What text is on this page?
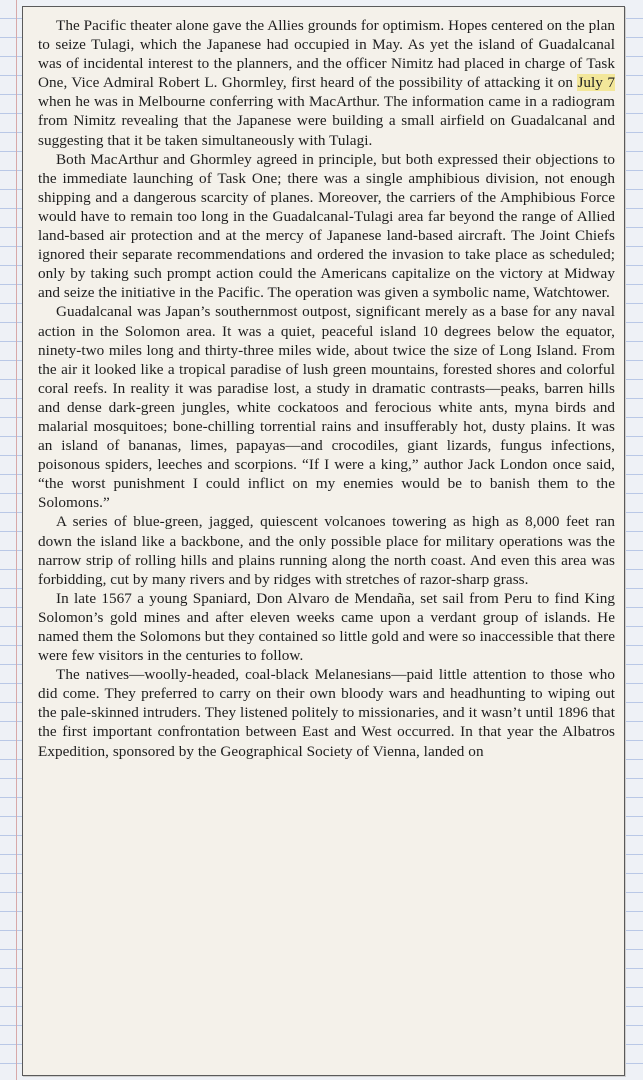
The Pacific theater alone gave the Allies grounds for optimism. Hopes centered on the plan to seize Tulagi, which the Japanese had occupied in May. As yet the island of Guadalcanal was of incidental interest to the planners, and the officer Nimitz had placed in charge of Task One, Vice Admiral Robert L. Ghormley, first heard of the possibility of attacking it on July 7 when he was in Melbourne conferring with MacArthur. The information came in a radiogram from Nimitz revealing that the Japanese were building a small airfield on Guadalcanal and suggesting that it be taken simultaneously with Tulagi.

Both MacArthur and Ghormley agreed in principle, but both expressed their objections to the immediate launching of Task One; there was a single amphibious division, not enough shipping and a dangerous scarcity of planes. Moreover, the carriers of the Amphibious Force would have to remain too long in the Guadalcanal-Tulagi area far beyond the range of Allied land-based air protection and at the mercy of Japanese land-based aircraft. The Joint Chiefs ignored their separate recommendations and ordered the invasion to take place as scheduled; only by taking such prompt action could the Americans capitalize on the victory at Midway and seize the initiative in the Pacific. The operation was given a symbolic name, Watchtower.

Guadalcanal was Japan’s southernmost outpost, significant merely as a base for any naval action in the Solomon area. It was a quiet, peaceful island 10 degrees below the equator, ninety-two miles long and thirty-three miles wide, about twice the size of Long Island. From the air it looked like a tropical paradise of lush green mountains, forested shores and colorful coral reefs. In reality it was paradise lost, a study in dramatic contrasts—peaks, barren hills and dense dark-green jungles, white cockatoos and ferocious white ants, myna birds and malarial mosquitoes; bone-chilling torrential rains and insufferably hot, dusty plains. It was an island of bananas, limes, papayas—and crocodiles, giant lizards, fungus infections, poisonous spiders, leeches and scorpions. “If I were a king,” author Jack London once said, “the worst punishment I could inflict on my enemies would be to banish them to the Solomons.”

A series of blue-green, jagged, quiescent volcanoes towering as high as 8,000 feet ran down the island like a backbone, and the only possible place for military operations was the narrow strip of rolling hills and plains running along the north coast. And even this area was forbidding, cut by many rivers and by ridges with stretches of razor-sharp grass.

In late 1567 a young Spaniard, Don Alvaro de Mendaña, set sail from Peru to find King Solomon’s gold mines and after eleven weeks came upon a verdant group of islands. He named them the Solomons but they contained so little gold and were so inaccessible that there were few visitors in the centuries to follow.

The natives—woolly-headed, coal-black Melanesians—paid little attention to those who did come. They preferred to carry on their own bloody wars and headhunting to wiping out the pale-skinned intruders. They listened politely to missionaries, and it wasn’t until 1896 that the first important confrontation between East and West occurred. In that year the Albatros Expedition, sponsored by the Geographical Society of Vienna, landed on
